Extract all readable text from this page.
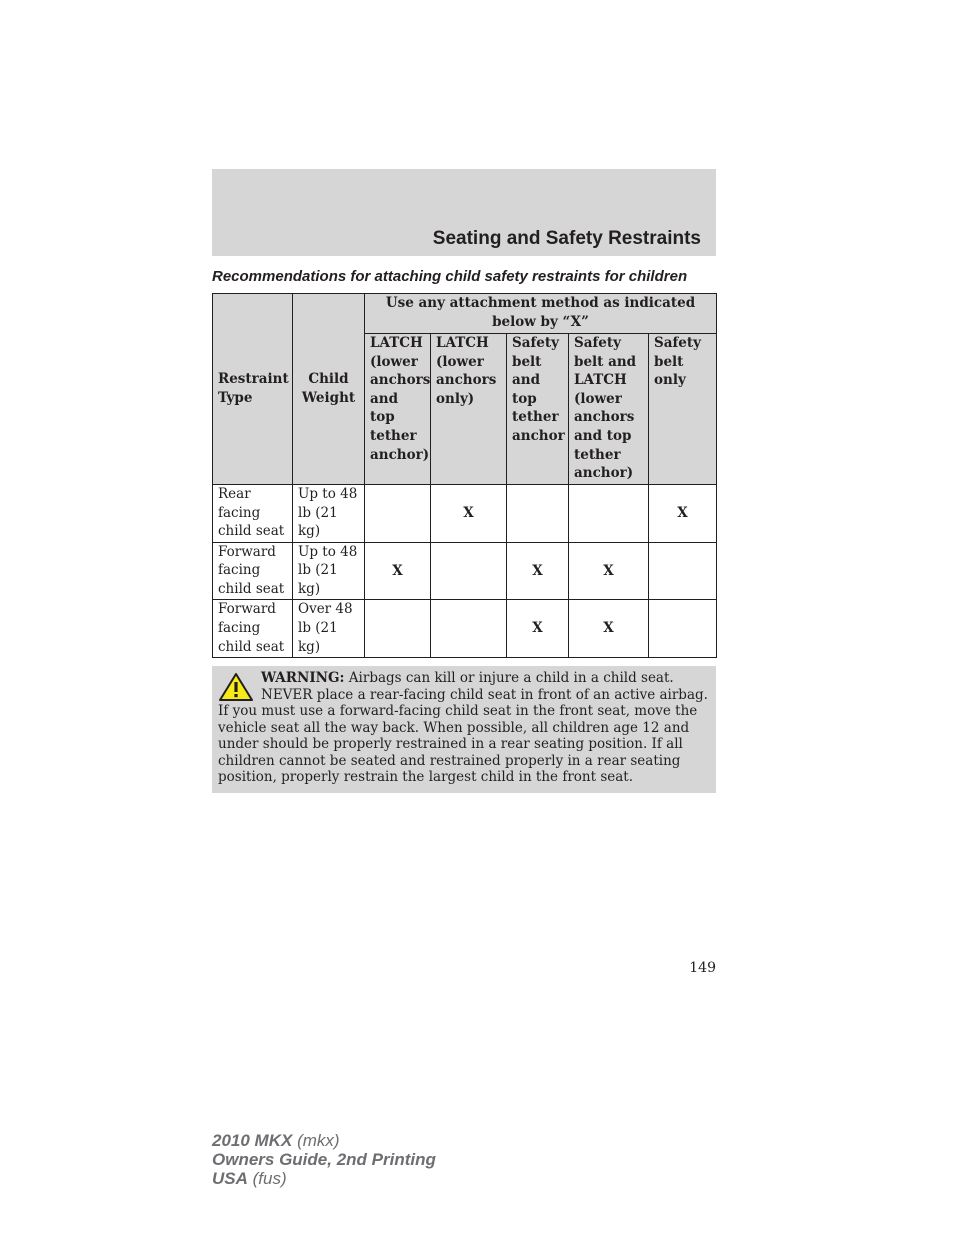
Seating and Safety Restraints

Recommendations for attaching child safety restraints for children

Restraint Type	Child Weight	Use any attachment method as indicated below by “X”				
		LATCH (lower anchors and top tether anchor)	LATCH (lower anchors only)	Safety belt and top tether anchor	Safety belt and LATCH (lower anchors and top tether anchor)	Safety belt only
Rear facing child seat	Up to 48 lb (21 kg)		X			X
Forward facing child seat	Up to 48 lb (21 kg)	X		X	X	
Forward facing child seat	Over 48 lb (21 kg)			X	X	
WARNING: Airbags can kill or injure a child in a child seat. NEVER place a rear-facing child seat in front of an active airbag. If you must use a forward-facing child seat in the front seat, move the vehicle seat all the way back. When possible, all children age 12 and under should be properly restrained in a rear seating position. If all children cannot be seated and restrained properly in a rear seating position, properly restrain the largest child in the front seat.
149
2010 MKX (mkx)
Owners Guide, 2nd Printing
USA (fus)
